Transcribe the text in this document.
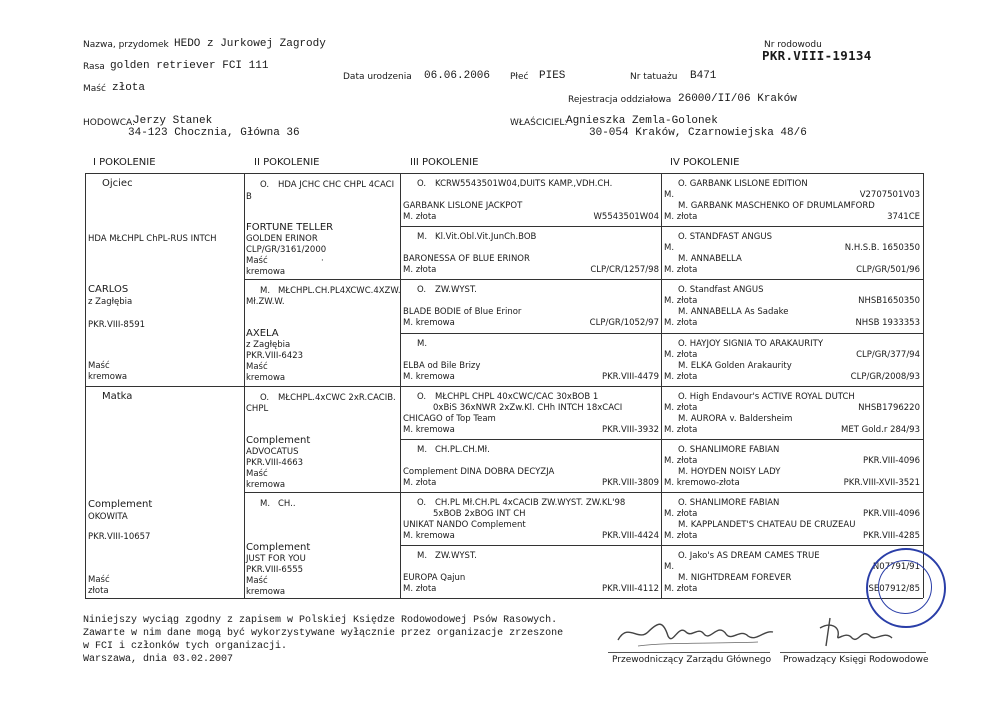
Nazwa, przydomek HEDO z Jurkowej Zagrody
Rasa golden retriever FCI 111
Maść złota
Nr rodowodu
PKR.VIII-19134
Data urodzenia 06.06.2006 Płeć PIES	Nr tatuażu B471
Rejestracja oddziałowa 26000/II/06 Kraków
HODOWCA:
Jerzy Stanek
34-123 Chocznia, Główna 36
WŁAŚCICIEL:
Agnieszka Zemla-Golonek
30-054 Kraków, Czarnowiejska 48/6
I POKOLENIE	II POKOLENIE	III POKOLENIE	IV POKOLENIE
Ojciec
HDA MŁCHPL ChPL-RUS INTCH
CARLOS
z Zagłębia
PKR.VIII-8591
Maść
kremowa
Matka
Complement
OKOWITA
PKR.VIII-10657
Maść
złota
O. HDA JCHC CHC CHPL 4CACI
B
FORTUNE TELLER
GOLDEN ERINOR
CLP/GR/3161/2000
Maść	·
kremowa
M. MŁCHPL.CH.PL4XCWC.4XZW.
Mł.ZW.W.
AXELA
z Zagłębia
PKR.VIII-6423
Maść
kremowa
O. MŁCHPL.4xCWC 2xR.CACIB.
CHPL
Complement
ADVOCATUS
PKR.VIII-4663
Maść
kremowa
M. CH..
Complement
JUST FOR YOU
PKR.VIII-6555
Maść
kremowa
O. KCRW5543501W04,DUITS KAMP.,VDH.CH.
GARBANK LISLONE JACKPOT
M. złota	W5543501W04
M. Kl.Vit.Obl.Vit.JunCh.BOB
BARONESSA OF BLUE ERINOR
M. złota	CLP/CR/1257/98
O. ZW.WYST.
BLADE BODIE of Blue Erinor
M. kremowa	CLP/GR/1052/97
M.
ELBA od Bile Brizy
M. kremowa	PKR.VIII-4479
O. MŁCHPL CHPL 40xCWC/CAC 30xBOB 1
0xBiS 36xNWR 2xZw.Kl. CHh INTCH 18xCACI
CHICAGO of Top Team
M. kremowa	PKR.VIII-3932
M. CH.PL.CH.Mł.
Complement DINA DOBRA DECYZJA
M. złota	PKR.VIII-3809
O. CH.PL Mł.CH.PL 4xCACIB ZW.WYST. ZW.KL'98
5xBOB 2xBOG INT CH
UNIKAT NANDO Complement
M. kremowa	PKR.VIII-4424
M. ZW.WYST.
EUROPA Qajun
M. złota	PKR.VIII-4112
O. GARBANK LISLONE EDITION
M.	V2707501V03
M. GARBANK MASCHENKO OF DRUMLAMFORD
M. złota	3741CE
O. STANDFAST ANGUS
M.	N.H.S.B. 1650350
M. ANNABELLA
M. złota	CLP/GR/501/96
O. Standfast ANGUS
M. złota	NHSB1650350
M. ANNABELLA As Sadake
M. złota	NHSB 1933353
O. HAYJOY SIGNIA TO ARAKAURITY
M. złota	CLP/GR/377/94
M. ELKA Golden Arakaurity
M. złota	CLP/GR/2008/93
O. High Endavour's ACTIVE ROYAL DUTCH
M. złota	NHSB1796220
M. AURORA v. Baldersheim
M. złota	MET Gold.r 284/93
O. SHANLIMORE FABIAN
M. złota	PKR.VIII-4096
M. HOYDEN NOISY LADY
M. kremowo-złota	PKR.VIII-XVII-3521
O. SHANLIMORE FABIAN
M. złota	PKR.VIII-4096
M. KAPPLANDET'S CHATEAU DE CRUZEAU
M. złota	PKR.VIII-4285
O. Jako's AS DREAM CAMES TRUE
M.	N07791/91
M. NIGHTDREAM FOREVER
M. złota	SE07912/85
Niniejszy wyciąg zgodny z zapisem w Polskiej Księdze Rodowodowej Psów Rasowych.
Zawarte w nim dane mogą być wykorzystywane wyłącznie przez organizacje zrzeszone
w FCI i członków tych organizacji.
Warszawa, dnia 03.02.2007	Przewodniczący Zarządu Głównego Prowadzący Księgi Rodowodowe
